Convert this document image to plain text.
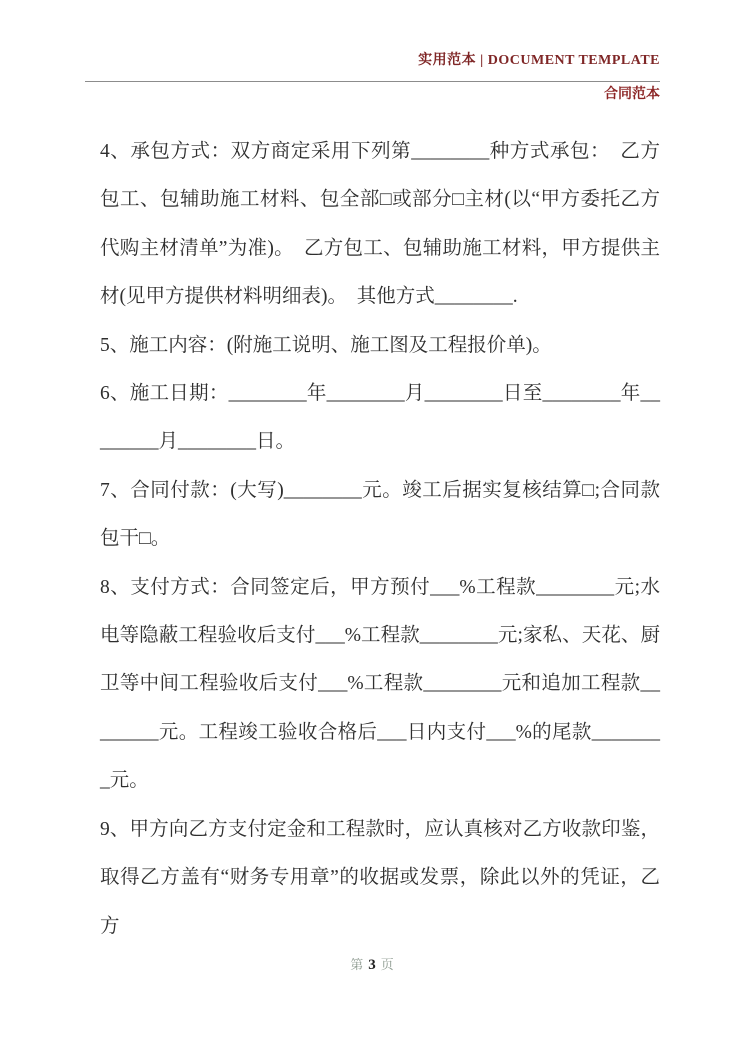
实用范本 | DOCUMENT TEMPLATE
合同范本

4、承包方式：双方商定采用下列第________种方式承包：　乙方包工、包辅助施工材料、包全部□或部分□主材(以“甲方委托乙方代购主材清单”为准)。　乙方包工、包辅助施工材料，甲方提供主材(见甲方提供材料明细表)。　其他方式________.

5、施工内容：(附施工说明、施工图及工程报价单)。

6、施工日期：________年________月________日至________年________月________日。

7、合同付款：(大写)________元。竣工后据实复核结算□;合同款包干□。

8、支付方式：合同签定后，甲方预付___%工程款________元;水电等隐蔽工程验收后支付___%工程款________元;家私、天花、厨卫等中间工程验收后支付___%工程款________元和追加工程款________元。工程竣工验收合格后___日内支付___%的尾款________元。

9、甲方向乙方支付定金和工程款时，应认真核对乙方收款印鉴，取得乙方盖有“财务专用章”的收据或发票，除此以外的凭证，乙方

第 3 页
